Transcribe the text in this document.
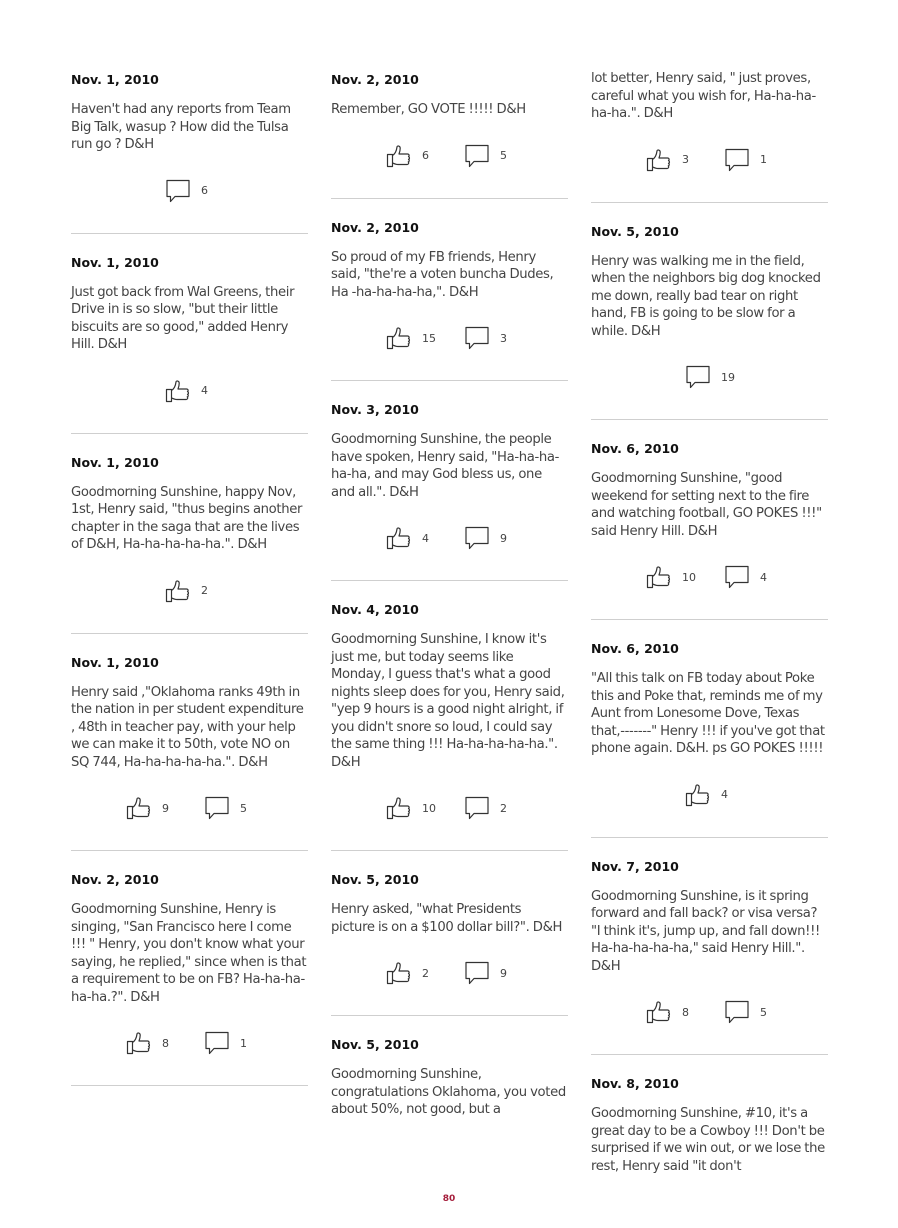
Nov. 1, 2010

Haven't had any reports from Team Big Talk, wasup ? How did the Tulsa run go ? D&H

6

Nov. 1, 2010

Just got back from Wal Greens, their Drive in is so slow, "but their little biscuits are so good," added Henry Hill. D&H

4

Nov. 1, 2010

Goodmorning Sunshine, happy Nov, 1st, Henry said, "thus begins another chapter in the saga that are the lives of D&H, Ha-ha-ha-ha-ha.". D&H

2

Nov. 1, 2010

Henry said ,"Oklahoma ranks 49th in the nation in per student expenditure , 48th in teacher pay, with your help we can make it to 50th, vote NO on SQ 744, Ha-ha-ha-ha-ha.". D&H

9	5

Nov. 2, 2010

Goodmorning Sunshine, Henry is singing, "San Francisco here I come !!! " Henry, you don't know what your saying, he replied," since when is that a requirement to be on FB? Ha-ha-ha-ha-ha.?". D&H

8	1

Nov. 2, 2010

Remember, GO VOTE !!!!! D&H

6	5

Nov. 2, 2010

So proud of my FB friends, Henry said, "the're a voten buncha Dudes, Ha -ha-ha-ha-ha,". D&H

15	3

Nov. 3, 2010

Goodmorning Sunshine, the people have spoken, Henry said, "Ha-ha-ha-ha-ha, and may God bless us, one and all.". D&H

4	9

Nov. 4, 2010

Goodmorning Sunshine, I know it's just me, but today seems like Monday, I guess that's what a good nights sleep does for you, Henry said, "yep 9 hours is a good night alright, if you didn't snore so loud, I could say the same thing !!! Ha-ha-ha-ha-ha.". D&H

10	2

Nov. 5, 2010

Henry asked, "what Presidents picture is on a $100 dollar bill?". D&H

2	9

Nov. 5, 2010

Goodmorning Sunshine, congratulations Oklahoma, you voted about 50%, not good, but a

lot better, Henry said, " just proves, careful what you wish for, Ha-ha-ha-ha-ha.". D&H

3	1

Nov. 5, 2010

Henry was walking me in the field, when the neighbors big dog knocked me down, really bad tear on right hand, FB is going to be slow for a while. D&H

19

Nov. 6, 2010

Goodmorning Sunshine, "good weekend for setting next to the fire and watching football, GO POKES !!!" said Henry Hill. D&H

10	4

Nov. 6, 2010

"All this talk on FB today about Poke this and Poke that, reminds me of my Aunt from Lonesome Dove, Texas that,-------" Henry !!! if you've got that phone again. D&H. ps GO POKES !!!!!

4

Nov. 7, 2010

Goodmorning Sunshine, is it spring forward and fall back? or visa versa? "I think it's, jump up, and fall down!!! Ha-ha-ha-ha-ha," said Henry Hill.". D&H

8	5

Nov. 8, 2010

Goodmorning Sunshine, #10, it's a great day to be a Cowboy !!! Don't be surprised if we win out, or we lose the rest, Henry said "it don't

80
